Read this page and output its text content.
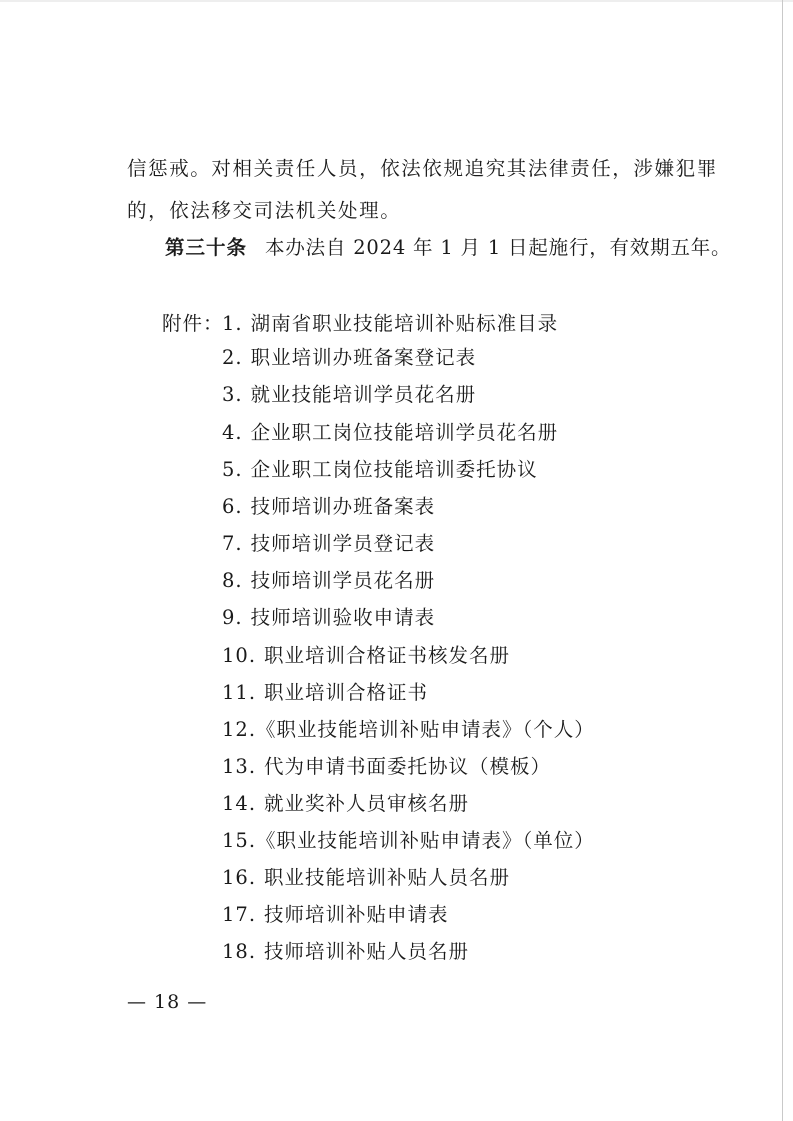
信惩戒。对相关责任人员，依法依规追究其法律责任，涉嫌犯罪
的，依法移交司法机关处理。
第三十条 本办法自 2024 年 1 月 1 日起施行，有效期五年。
附件：
1. 湖南省职业技能培训补贴标准目录
2. 职业培训办班备案登记表
3. 就业技能培训学员花名册
4. 企业职工岗位技能培训学员花名册
5. 企业职工岗位技能培训委托协议
6. 技师培训办班备案表
7. 技师培训学员登记表
8. 技师培训学员花名册
9. 技师培训验收申请表
10. 职业培训合格证书核发名册
11. 职业培训合格证书
12.《职业技能培训补贴申请表》（个人）
13. 代为申请书面委托协议（模板）
14. 就业奖补人员审核名册
15.《职业技能培训补贴申请表》（单位）
16. 职业技能培训补贴人员名册
17. 技师培训补贴申请表
18. 技师培训补贴人员名册
— 18 —
